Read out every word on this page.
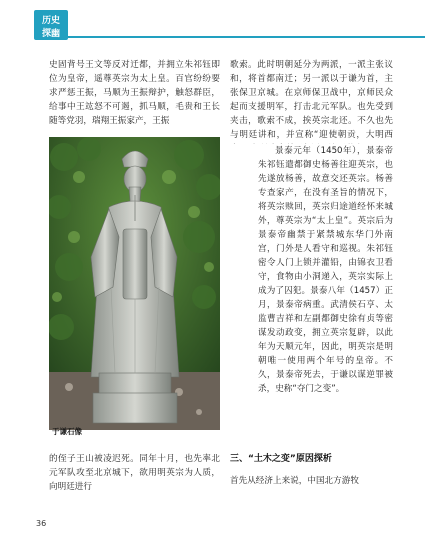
历史
探幽

史固背号王文等反对迁都，并拥立朱祁钰即位为皇帝，遥尊英宗为太上皇。百官纷纷要求严惩王振，马顺为王振辩护，触怒群臣，给事中王竑怒不可遏，抓马顺，毛贵和王长随等党羽，瑞翔王振家产，王振

歌索。此时明朝延分为两派，一派主张议和，将首都南迁；另一派以于谦为首，主张保卫京城。在京师保卫战中，京师民众起而支援明军，打击北元军队。也先受到夹击，歌索不成，挨英宗北还。不久也先与明廷讲和，并宣称“迎使朝贡，大明西

景泰元年（1450年），景泰帝朱祁钰遣都御史杨善往迎英宗，也先遂放杨善，故意交还英宗。杨善专查家产，在没有圣旨的情况下，将英宗赎回，英宗归途道经怀来城外，尊英宗为“太上皇”。英宗后为景泰帝幽禁于紧禁城东华门外南宫，门外是人看守和巡视。朱祁钰密令人门上锁并灌铅，由锦衣卫看守，食物由小洞递入，英宗实际上成为了囚犯。景泰八年（1457）正月，景泰帝病重。武清侯石亨、太监曹吉祥和左副都御史徐有贞等密谋发动政变，拥立英宗复辟，以此年为天顺元年，因此，明英宗是明朝唯一使用两个年号的皇帝。不久，景泰帝死去，于谦以谋逆罪被杀，史称“夺门之变”。

于谦石像

的侄子王山被凌迟死。同年十月，也先率北元军队攻至北京城下，欲用明英宗为人质，向明廷进行

三、“土木之变”原因探析

首先从经济上来说，中国北方游牧

36
